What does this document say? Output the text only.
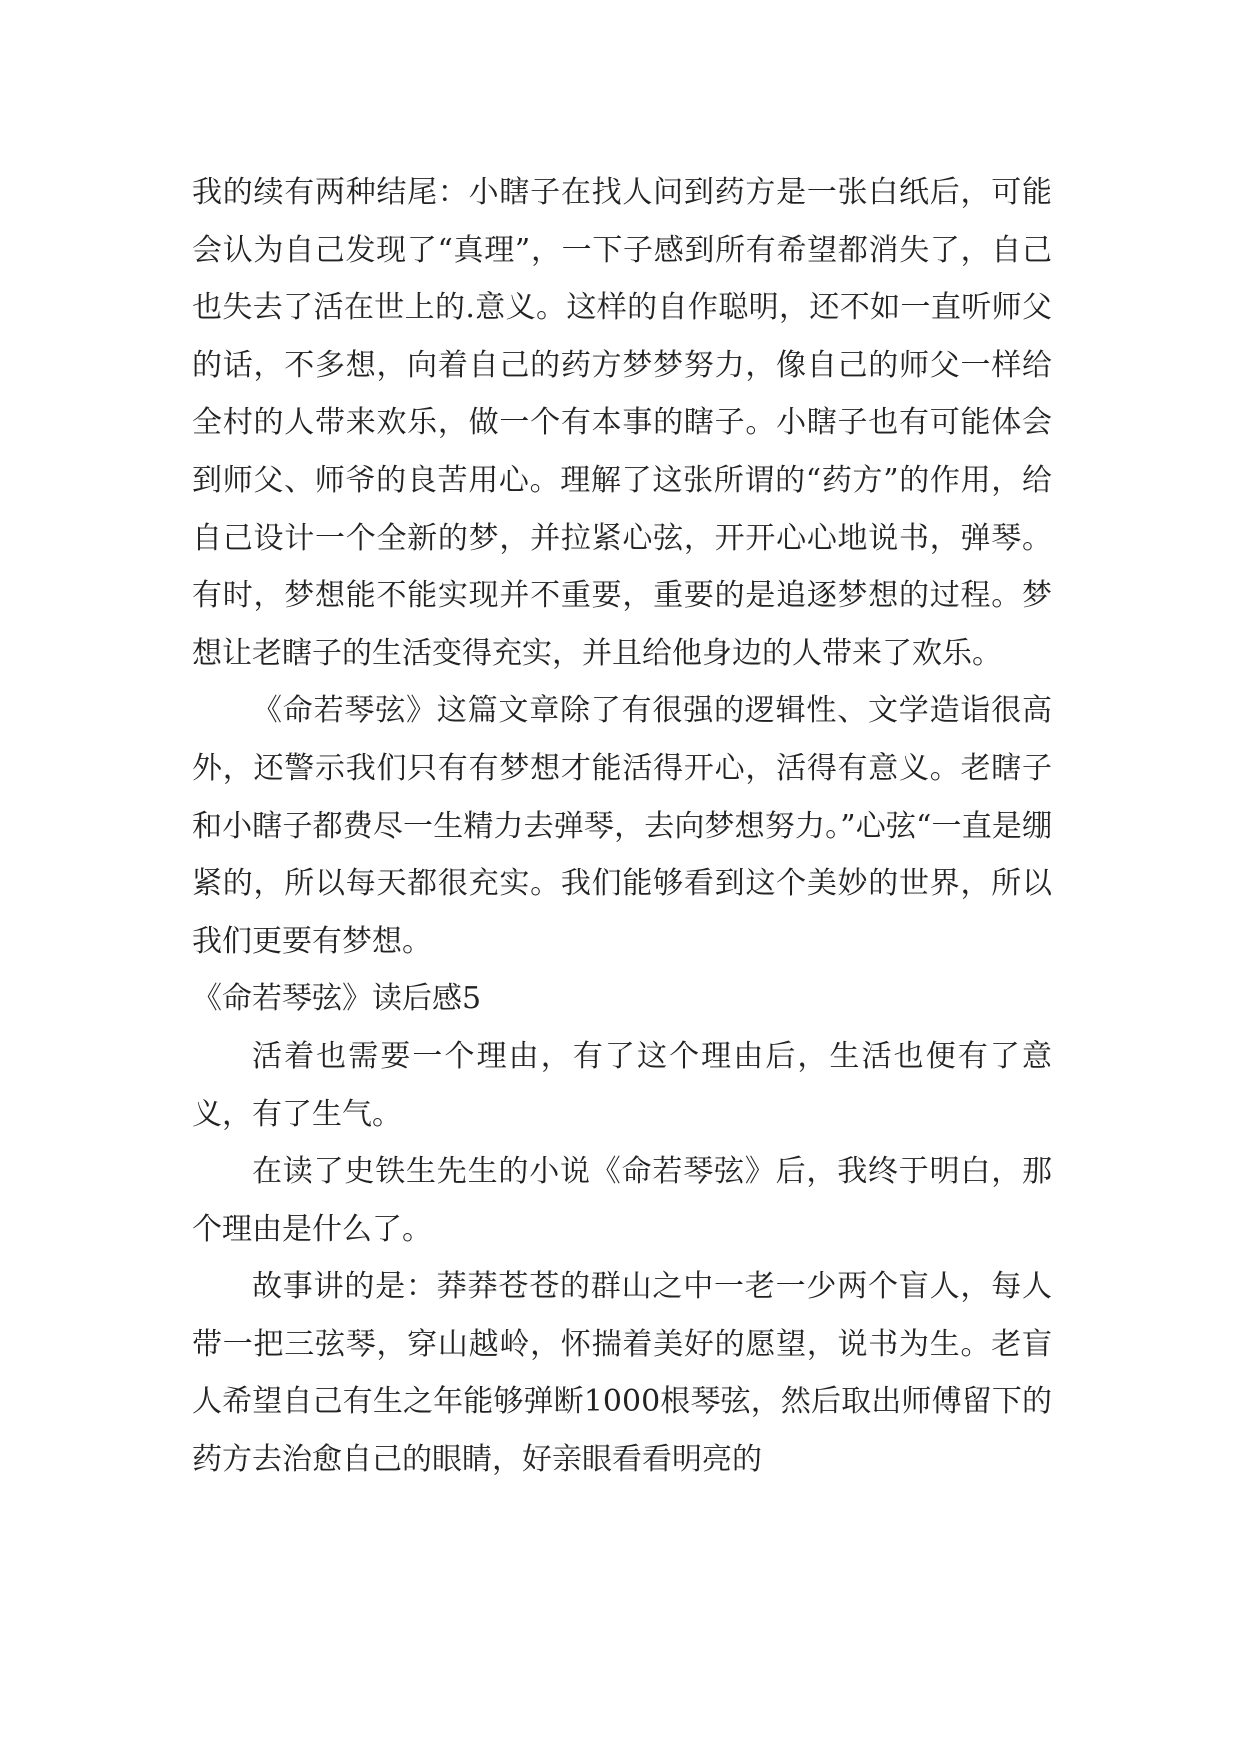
我的续有两种结尾：小瞎子在找人问到药方是一张白纸后，可能会认为自己发现了“真理”，一下子感到所有希望都消失了，自己也失去了活在世上的.意义。这样的自作聪明，还不如一直听师父的话，不多想，向着自己的药方梦梦努力，像自己的师父一样给全村的人带来欢乐，做一个有本事的瞎子。小瞎子也有可能体会到师父、师爷的良苦用心。理解了这张所谓的“药方”的作用，给自己设计一个全新的梦，并拉紧心弦，开开心心地说书，弹琴。有时，梦想能不能实现并不重要，重要的是追逐梦想的过程。梦想让老瞎子的生活变得充实，并且给他身边的人带来了欢乐。

《命若琴弦》这篇文章除了有很强的逻辑性、文学造诣很高外，还警示我们只有有梦想才能活得开心，活得有意义。老瞎子和小瞎子都费尽一生精力去弹琴，去向梦想努力。”心弦“一直是绷紧的，所以每天都很充实。我们能够看到这个美妙的世界，所以我们更要有梦想。

《命若琴弦》读后感5

活着也需要一个理由，有了这个理由后，生活也便有了意义，有了生气。

在读了史铁生先生的小说《命若琴弦》后，我终于明白，那个理由是什么了。

故事讲的是：莽莽苍苍的群山之中一老一少两个盲人，每人带一把三弦琴，穿山越岭，怀揣着美好的愿望，说书为生。老盲人希望自己有生之年能够弹断1000根琴弦，然后取出师傅留下的药方去治愈自己的眼睛，好亲眼看看明亮的
